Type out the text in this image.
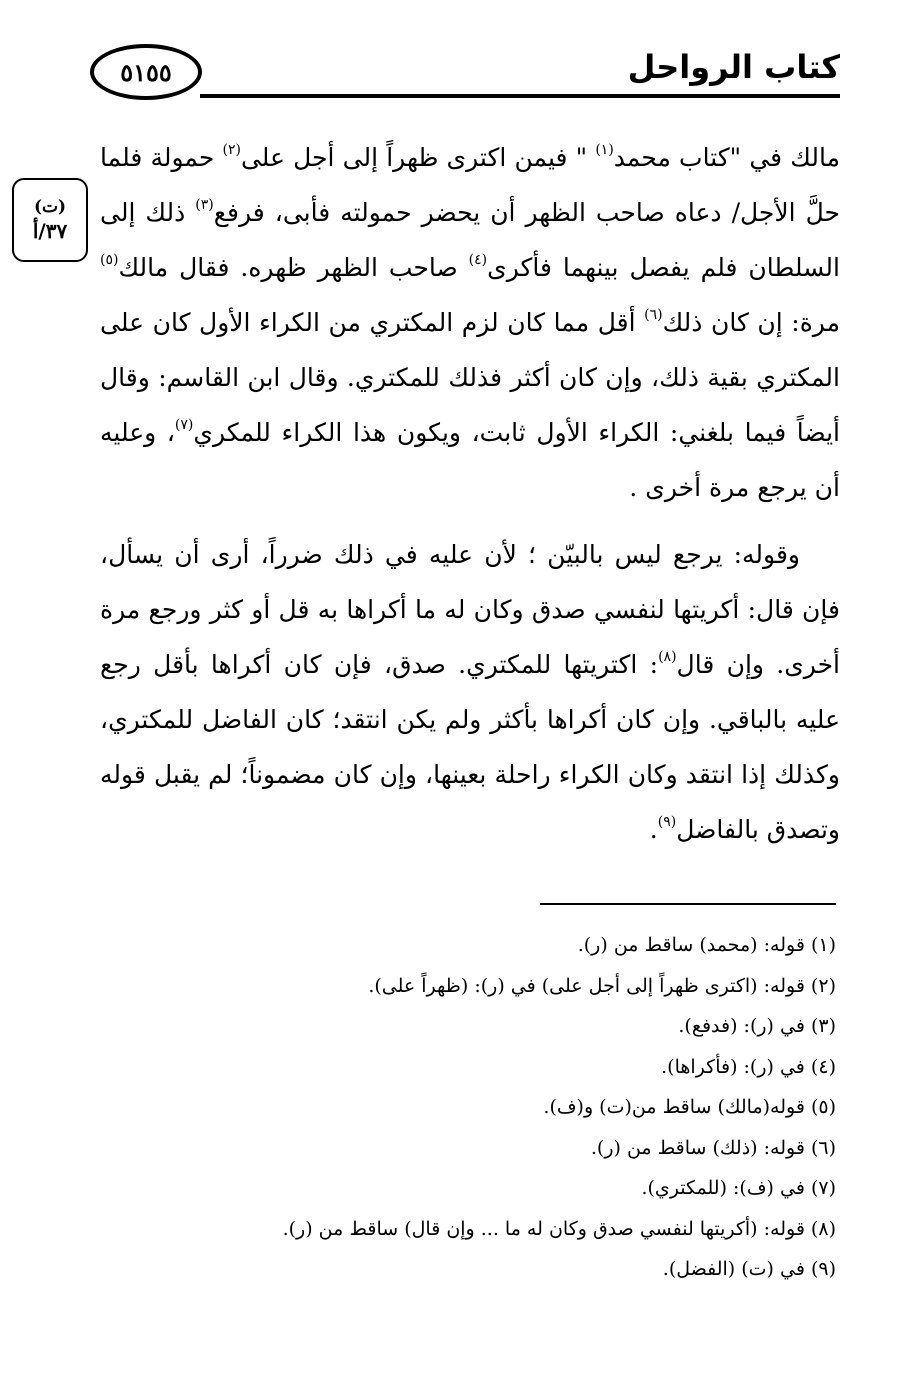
كتاب الرواحل
٥١٥٥
(ت)
٣٧/أ

مالك في "كتاب محمد$^{(١)}$ " فيمن اكترى ظهراً إلى أجل على$^{(٢)}$ حمولة فلما حلَّ الأجل/ دعاه صاحب الظهر أن يحضر حمولته فأبى، فرفع$^{(٣)}$ ذلك إلى السلطان فلم يفصل بينهما فأكرى$^{(٤)}$ صاحب الظهر ظهره. فقال مالك$^{(٥)}$ مرة: إن كان ذلك$^{(٦)}$ أقل مما كان لزم المكتري من الكراء الأول كان على المكتري بقية ذلك، وإن كان أكثر فذلك للمكتري. وقال ابن القاسم: وقال أيضاً فيما بلغني: الكراء الأول ثابت، ويكون هذا الكراء للمكري$^{(٧)}$، وعليه أن يرجع مرة أخرى .

وقوله: يرجع ليس بالبيّن ؛ لأن عليه في ذلك ضرراً، أرى أن يسأل، فإن قال: أكريتها لنفسي صدق وكان له ما أكراها به قل أو كثر ورجع مرة أخرى. وإن قال$^{(٨)}$: اكتريتها للمكتري. صدق، فإن كان أكراها بأقل رجع عليه بالباقي. وإن كان أكراها بأكثر ولم يكن انتقد؛ كان الفاضل للمكتري، وكذلك إذا انتقد وكان الكراء راحلة بعينها، وإن كان مضموناً؛ لم يقبل قوله وتصدق بالفاضل$^{(٩)}$.

(١) قوله: (محمد) ساقط من (ر).
(٢) قوله: (اكترى ظهراً إلى أجل على) في (ر): (ظهراً على).
(٣) في (ر): (فدفع).
(٤) في (ر): (فأكراها).
(٥) قوله(مالك) ساقط من(ت) و(ف).
(٦) قوله: (ذلك) ساقط من (ر).
(٧) في (ف): (للمكتري).
(٨) قوله: (أكريتها لنفسي صدق وكان له ما ... وإن قال) ساقط من (ر).
(٩) في (ت) (الفضل).
